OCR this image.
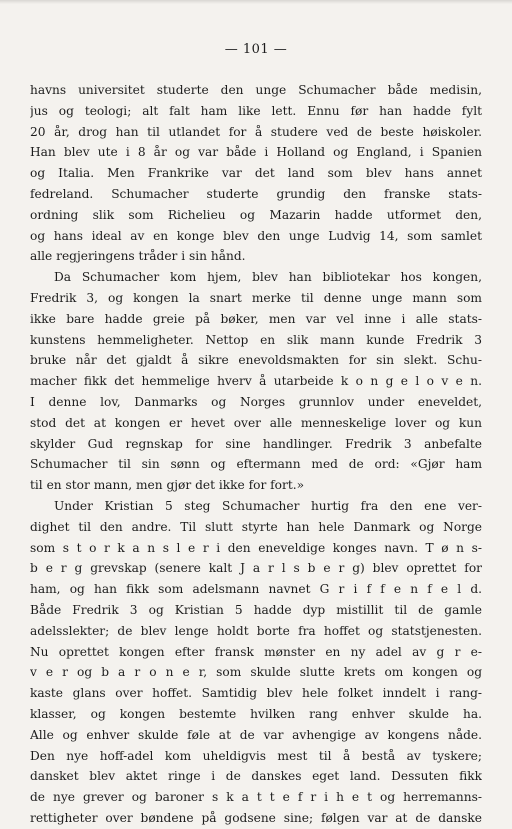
— 101 —
havns universitet studerte den unge Schumacher både medisin,
jus og teologi; alt falt ham like lett. Ennu før han hadde fylt
20 år, drog han til utlandet for å studere ved de beste høiskoler.
Han blev ute i 8 år og var både i Holland og England, i Spanien
og Italia. Men Frankrike var det land som blev hans annet
fedreland. Schumacher studerte grundig den franske stats-
ordning slik som Richelieu og Mazarin hadde utformet den,
og hans ideal av en konge blev den unge Ludvig 14, som samlet
alle regjeringens tråder i sin hånd.
Da Schumacher kom hjem, blev han bibliotekar hos kongen,
Fredrik 3, og kongen la snart merke til denne unge mann som
ikke bare hadde greie på bøker, men var vel inne i alle stats-
kunstens hemmeligheter. Nettop en slik mann kunde Fredrik 3
bruke når det gjaldt å sikre enevoldsmakten for sin slekt. Schu-
macher fikk det hemmelige hverv å utarbeide k o n g e l o v e n.
I denne lov, Danmarks og Norges grunnlov under eneveldet,
stod det at kongen er hevet over alle menneskelige lover og kun
skylder Gud regnskap for sine handlinger. Fredrik 3 anbefalte
Schumacher til sin sønn og eftermann med de ord: «Gjør ham
til en stor mann, men gjør det ikke for fort.»
Under Kristian 5 steg Schumacher hurtig fra den ene ver-
dighet til den andre. Til slutt styrte han hele Danmark og Norge
som s t o r k a n s l e r i den eneveldige konges navn. T ø n s-
b e r g grevskap (senere kalt J a r l s b e r g) blev oprettet for
ham, og han fikk som adelsmann navnet G r i f f e n f e l d.
Både Fredrik 3 og Kristian 5 hadde dyp mistillit til de gamle
adelsslekter; de blev lenge holdt borte fra hoffet og statstjenesten.
Nu oprettet kongen efter fransk mønster en ny adel av g r e-
v e r og b a r o n e r, som skulde slutte krets om kongen og
kaste glans over hoffet. Samtidig blev hele folket inndelt i rang-
klasser, og kongen bestemte hvilken rang enhver skulde ha.
Alle og enhver skulde føle at de var avhengige av kongens nåde.
Den nye hoff-adel kom uheldigvis mest til å bestå av tyskere;
dansket blev aktet ringe i de danskes eget land. Dessuten fikk
de nye grever og baroner s k a t t e f r i h e t og herremanns-
rettigheter over bøndene på godsene sine; følgen var at de danske
